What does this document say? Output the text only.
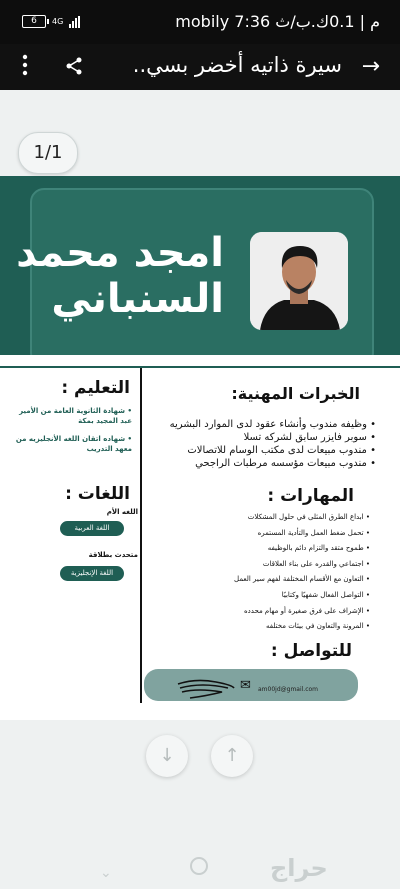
6	4G	mobily 7:36 م | 0.1ك.ب/ث
→
سيرة ذاتيه أخضر بسي..
امجد محمد
السنباني
الخبرات المهنية:
• وظيفه مندوب وأنشاء عقود لدى الموارد البشريه
• سوبر فايزر سابق لشركه تسلا
• مندوب مبيعات لدى مكتب الوسام للاتصالات
• مندوب مبيعات مؤسسه مرطبات الراجحي
المهارات :
• ابداع الطرق المثلى في حلول المشكلات
• تحمل ضغط العمل والتأدية المستمره
• طموح متقد والتزام دائم بالوظيفه
• اجتماعي والقدره على بناء العلاقات
• التعاون مع الأقسام المختلفة لفهم سير العمل
• التواصل الفعال شفهيًا وكتابيًا
• الإشراف على فرق صغيرة أو مهام محدده
• المرونة والتعاون في بيئات مختلفه
للتواصل :
✉ am00jd@gmail.com
التعليم :
• شهادة الثانوية العامة من الأمير عبد المجيد بمكة
• شهاده اتقان اللغه الأنجليزيه من معهد التدريب
اللغات :
اللغه الأم
اللغة العربية
متحدث بطلاقة
اللغة الإنجليزية
1/1
↓	↑
⌄	حراج
